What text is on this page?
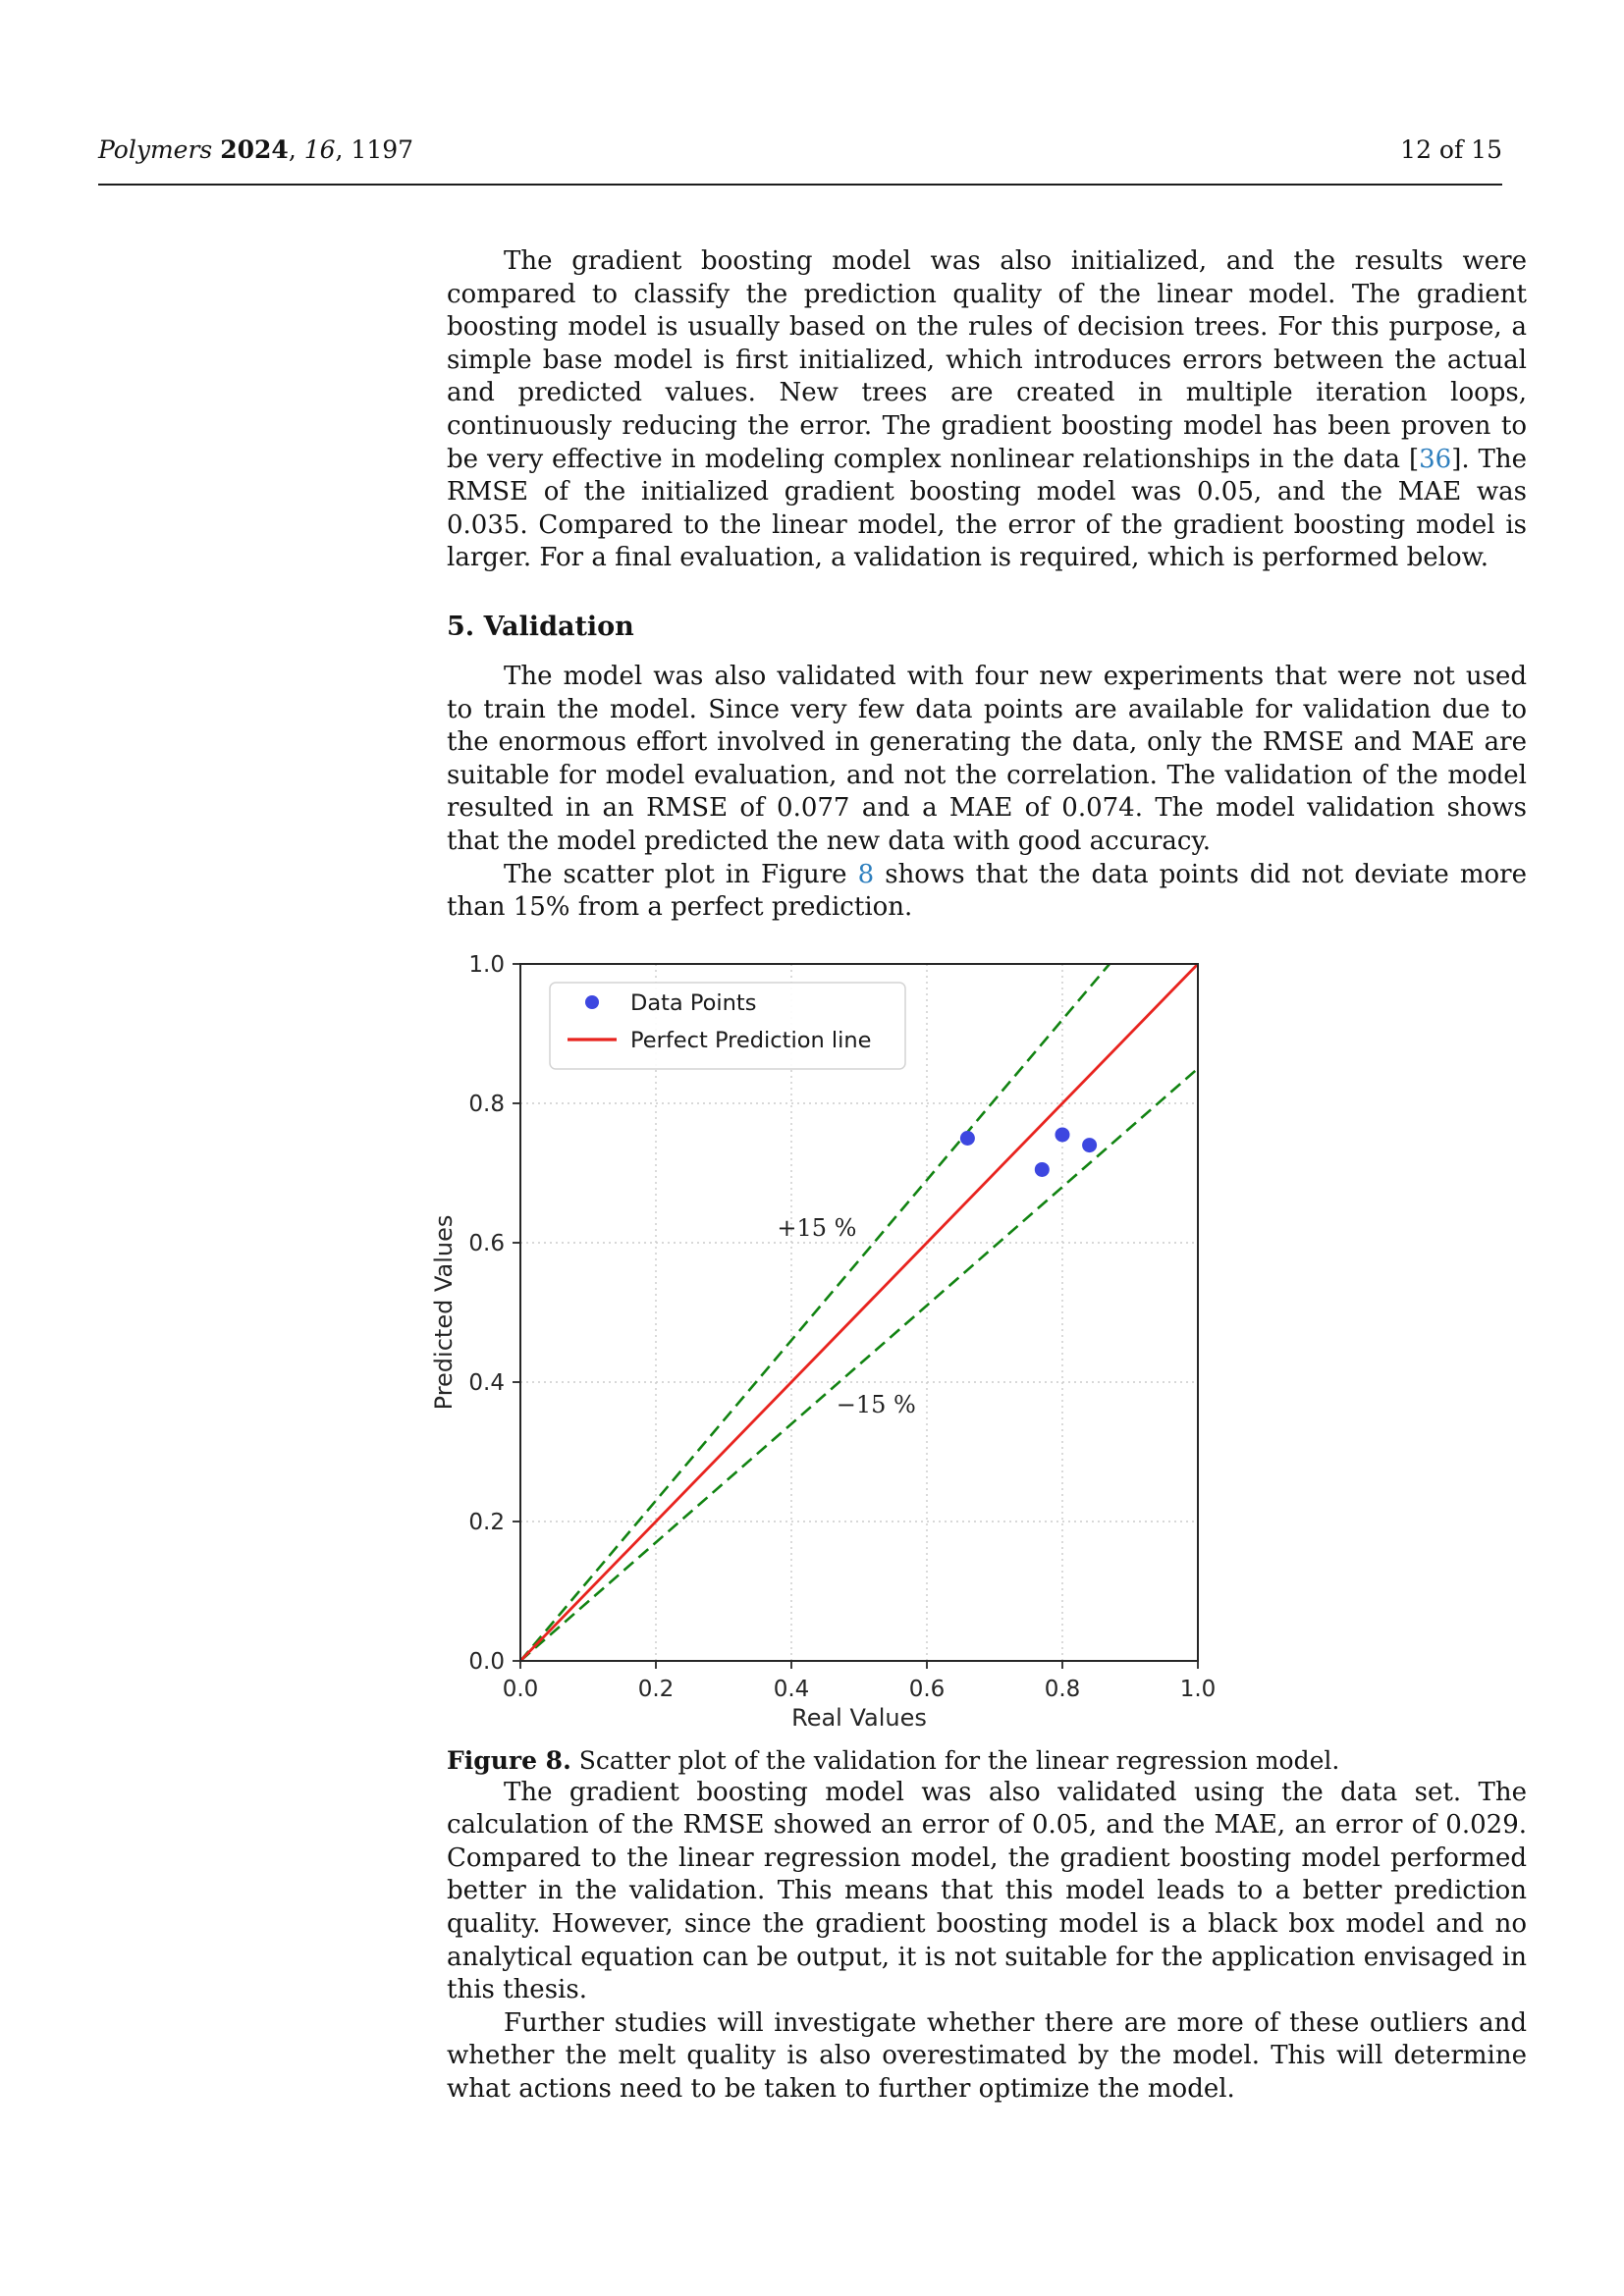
Polymers 2024, 16, 1197	12 of 15

The gradient boosting model was also initialized, and the results were compared to classify the prediction quality of the linear model. The gradient boosting model is usually based on the rules of decision trees. For this purpose, a simple base model is first initialized, which introduces errors between the actual and predicted values. New trees are created in multiple iteration loops, continuously reducing the error. The gradient boosting model has been proven to be very effective in modeling complex nonlinear relationships in the data [36]. The RMSE of the initialized gradient boosting model was 0.05, and the MAE was 0.035. Compared to the linear model, the error of the gradient boosting model is larger. For a final evaluation, a validation is required, which is performed below.

5. Validation

The model was also validated with four new experiments that were not used to train the model. Since very few data points are available for validation due to the enormous effort involved in generating the data, only the RMSE and MAE are suitable for model evaluation, and not the correlation. The validation of the model resulted in an RMSE of 0.077 and a MAE of 0.074. The model validation shows that the model predicted the new data with good accuracy.

The scatter plot in Figure 8 shows that the data points did not deviate more than 15% from a perfect prediction.

0.0	0.2	0.4	0.6	0.8	1.0
0.0
0.2
0.4
0.6
0.8
1.0
Real Values
Predicted Values	+15 %
−15 %
Data Points
Perfect Prediction line
Figure 8. Scatter plot of the validation for the linear regression model.

The gradient boosting model was also validated using the data set. The calculation of the RMSE showed an error of 0.05, and the MAE, an error of 0.029. Compared to the linear regression model, the gradient boosting model performed better in the validation. This means that this model leads to a better prediction quality. However, since the gradient boosting model is a black box model and no analytical equation can be output, it is not suitable for the application envisaged in this thesis.

Further studies will investigate whether there are more of these outliers and whether the melt quality is also overestimated by the model. This will determine what actions need to be taken to further optimize the model.
